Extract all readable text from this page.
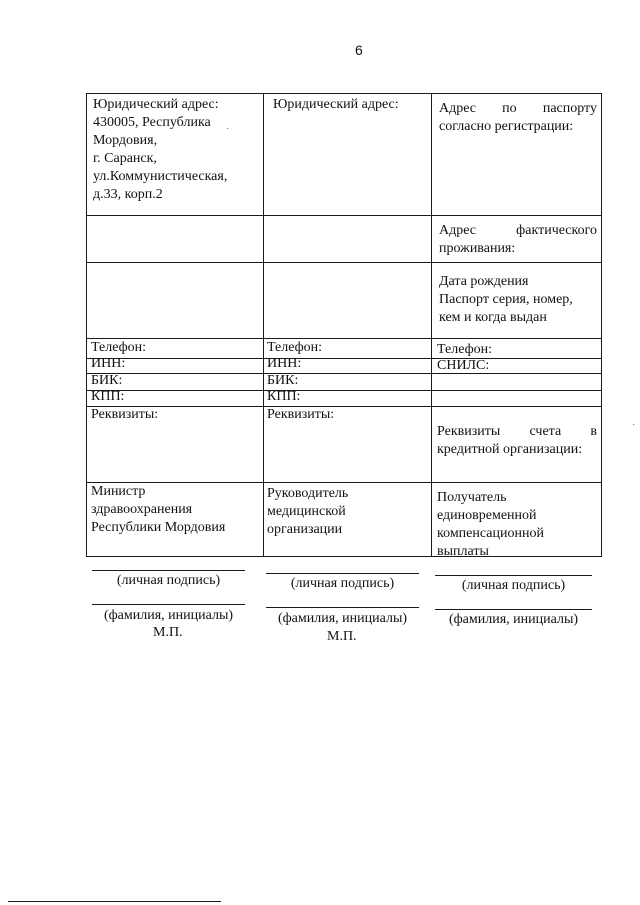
6
Юридический адрес:
430005, Республика
Мордовия,
г. Саранск,
ул.Коммунистическая,
д.33, корп.2
Телефон:
ИНН:
БИК:
КПП:
Реквизиты:
Министр
здравоохранения
Республики Мордовия
Юридический адрес:
Телефон:
ИНН:
БИК:
КПП:
Реквизиты:
Руководитель
медицинской
организации
Адрес по паспорту
согласно регистрации:
Адрес фактического
проживания:
Дата рождения
Паспорт серия, номер,
кем и когда выдан
Телефон:
СНИЛС:
Реквизиты счета в
кредитной организации:
Получатель
единовременной
компенсационной
выплаты
(личная подпись)
(фамилия, инициалы)
М.П.
(личная подпись)
(фамилия, инициалы)
М.П.
(личная подпись)
(фамилия, инициалы)
·
·
